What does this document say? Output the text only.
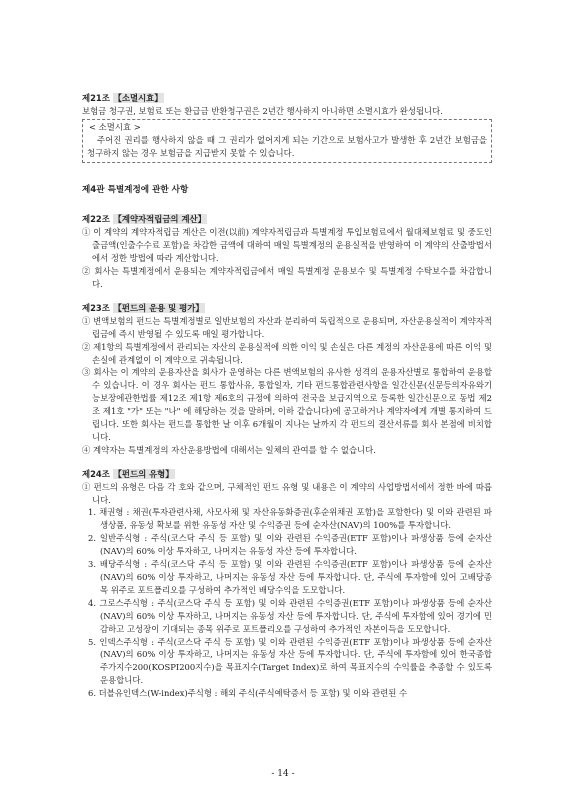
제21조 【소멸시효】

보험금 청구권, 보험료 또는 환급금 반환청구권은 2년간 행사하지 아니하면 소멸시효가 완성됩니다.

< 소멸시효 >

주어진 권리를 행사하지 않을 때 그 권리가 없어지게 되는 기간으로 보험사고가 발생한 후 2년간 보험금을 청구하지 않는 경우 보험금을 지급받지 못할 수 있습니다.

제4관 특별계정에 관한 사항
제22조 【계약자적립금의 계산】

① 이 계약의 계약자적립금 계산은 이전(以前) 계약자적립금과 특별계정 투입보험료에서 월대체보험료 및 중도인출금액(인출수수료 포함)을 차감한 금액에 대하여 매일 특별계정의 운용실적을 반영하여 이 계약의 산출방법서에서 정한 방법에 따라 계산합니다.

② 회사는 특별계정에서 운용되는 계약자적립금에서 매일 특별계정 운용보수 및 특별계정 수탁보수를 차감합니다.

제23조 【펀드의 운용 및 평가】

① 변액보험의 펀드는 특별계정별로 일반보험의 자산과 분리하여 독립적으로 운용되며, 자산운용실적이 계약자적립금에 즉시 반영될 수 있도록 매일 평가합니다.

② 제1항의 특별계정에서 관리되는 자산의 운용실적에 의한 이익 및 손실은 다른 계정의 자산운용에 따른 이익 및 손실에 관계없이 이 계약으로 귀속됩니다.

③ 회사는 이 계약의 운용자산을 회사가 운영하는 다른 변액보험의 유사한 성격의 운용자산별로 통합하여 운용할 수 있습니다. 이 경우 회사는 펀드 통합사유, 통합일자, 기타 펀드통합관련사항을 일간신문(신문등의자유와기능보장에관한법률 제12조 제1항 제6호의 규정에 의하여 전국을 보급지역으로 등록한 일간신문으로 동법 제2조 제1호 "가" 또는 "나" 에 해당하는 것을 말하며, 이하 같습니다)에 공고하거나 계약자에게 개별 통지하여 드립니다. 또한 회사는 펀드를 통합한 날 이후 6개월이 지나는 날까지 각 펀드의 결산서류를 회사 본점에 비치합니다.

④ 계약자는 특별계정의 자산운용방법에 대해서는 일체의 관여를 할 수 없습니다.

제24조 【펀드의 유형】

① 펀드의 유형은 다음 각 호와 같으며, 구체적인 펀드 유형 및 내용은 이 계약의 사업방법서에서 정한 바에 따릅니다.

1. 채권형 : 채권(투자관련사채, 사모사채 및 자산유동화증권(후순위채권 포함)을 포함한다) 및 이와 관련된 파생상품, 유동성 확보를 위한 유동성 자산 및 수익증권 등에 순자산(NAV)의 100%를 투자합니다.

2. 일반주식형 : 주식(코스닥 주식 등 포함) 및 이와 관련된 수익증권(ETF 포함)이나 파생상품 등에 순자산(NAV)의 60% 이상 투자하고, 나머지는 유동성 자산 등에 투자합니다.

3. 배당주식형 : 주식(코스닥 주식 등 포함) 및 이와 관련된 수익증권(ETF 포함)이나 파생상품 등에 순자산(NAV)의 60% 이상 투자하고, 나머지는 유동성 자산 등에 투자합니다. 단, 주식에 투자함에 있어 고배당종목 위주로 포트폴리오를 구성하여 추가적인 배당수익을 도모합니다.

4. 그로스주식형 : 주식(코스닥 주식 등 포함) 및 이와 관련된 수익증권(ETF 포함)이나 파생상품 등에 순자산(NAV)의 60% 이상 투자하고, 나머지는 유동성 자산 등에 투자합니다. 단, 주식에 투자함에 있어 경기에 민감하고 고성장이 기대되는 종목 위주로 포트폴리오를 구성하여 추가적인 자본이득을 도모합니다.

5. 인덱스주식형 : 주식(코스닥 주식 등 포함) 및 이와 관련된 수익증권(ETF 포함)이나 파생상품 등에 순자산(NAV)의 60% 이상 투자하고, 나머지는 유동성 자산 등에 투자합니다. 단, 주식에 투자함에 있어 한국종합주가지수200(KOSPI200지수)을 목표지수(Target Index)로 하여 목표지수의 수익률을 추종할 수 있도록 운용합니다.

6. 더블유인덱스(W-index)주식형 : 해외 주식(주식예탁증서 등 포함) 및 이와 관련된 수

- 14 -
